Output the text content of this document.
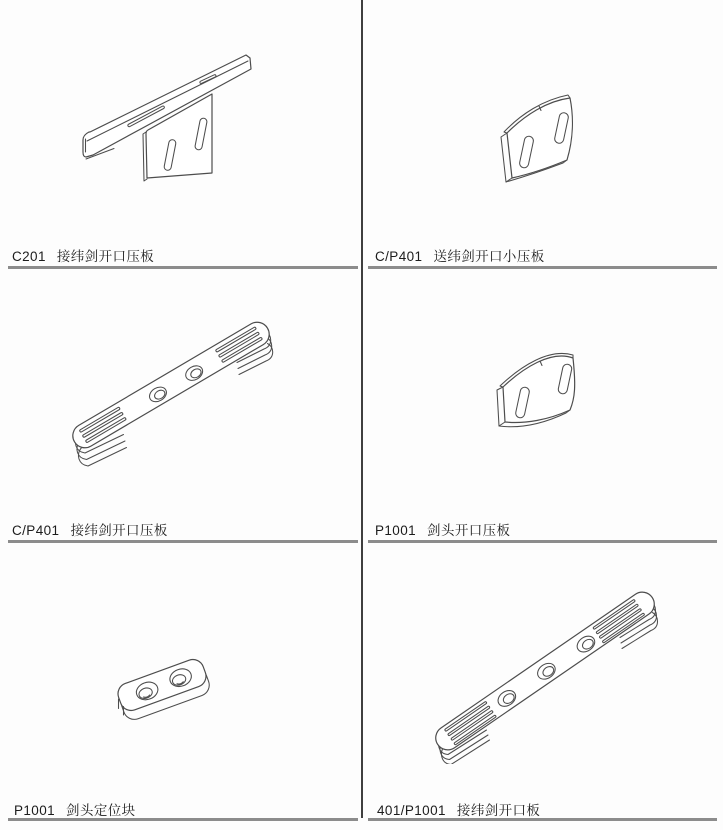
C201 接纬剑开口压板	C/P401 送纬剑开口小压板
C/P401 接纬剑开口压板	P1001 剑头开口压板
P1001 剑头定位块	401/P1001 接纬剑开口板
